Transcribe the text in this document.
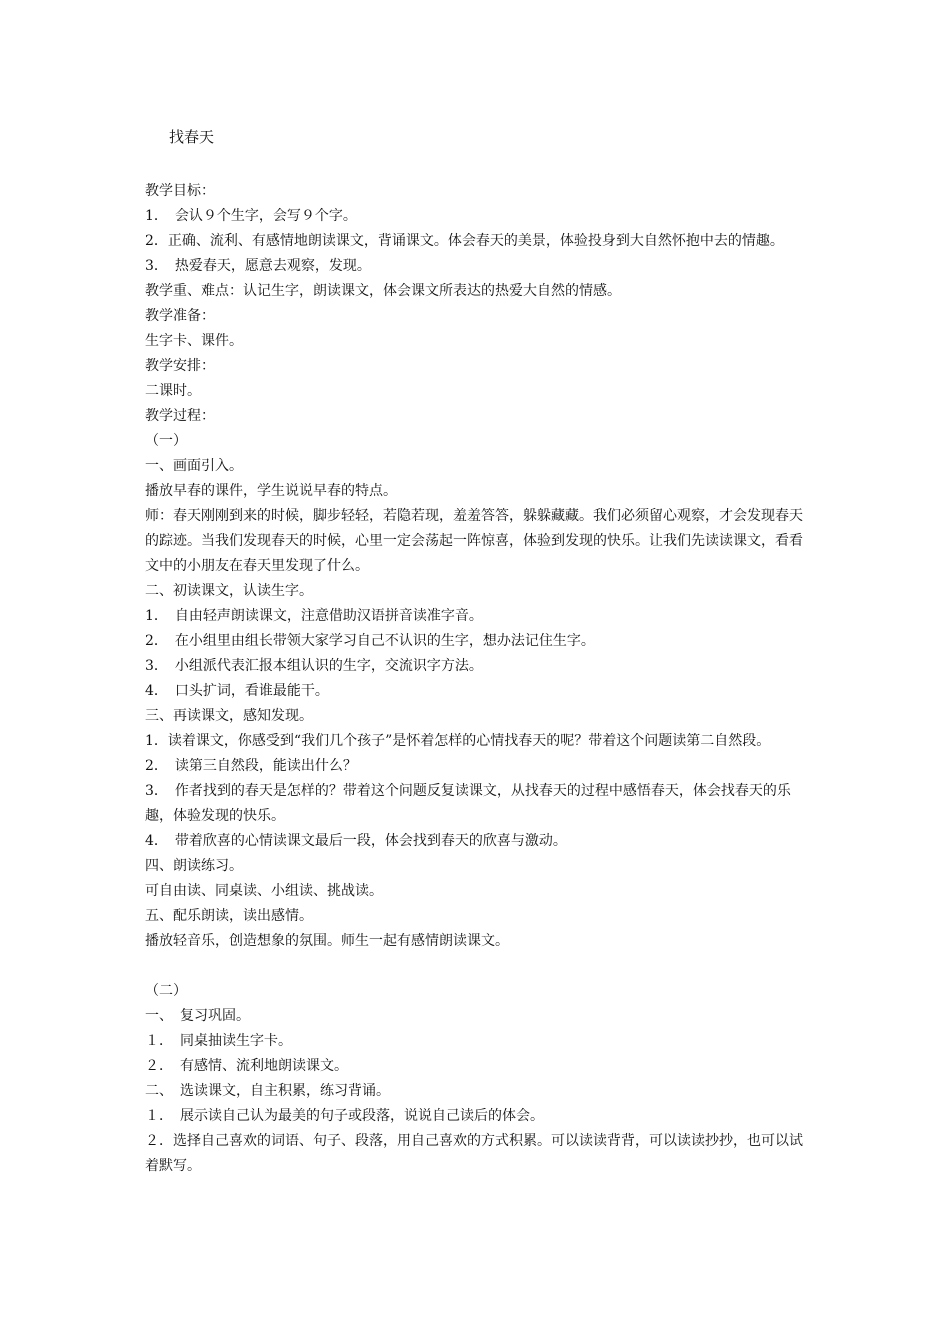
找春天

教学目标：

1．　会认９个生字，会写９个字。

2．正确、流利、有感情地朗读课文，背诵课文。体会春天的美景，体验投身到大自然怀抱中去的情趣。

3．　热爱春天，愿意去观察，发现。

教学重、难点：认记生字，朗读课文，体会课文所表达的热爱大自然的情感。

教学准备：

生字卡、课件。

教学安排：

二课时。

教学过程：

（一）

一、画面引入。

播放早春的课件，学生说说早春的特点。

师：春天刚刚到来的时候，脚步轻轻，若隐若现，羞羞答答，躲躲藏藏。我们必须留心观察，才会发现春天的踪迹。当我们发现春天的时候，心里一定会荡起一阵惊喜，体验到发现的快乐。让我们先读读课文，看看文中的小朋友在春天里发现了什么。

二、初读课文，认读生字。

1．　自由轻声朗读课文，注意借助汉语拼音读准字音。

2．　在小组里由组长带领大家学习自己不认识的生字，想办法记住生字。

3．　小组派代表汇报本组认识的生字，交流识字方法。

4．　口头扩词，看谁最能干。

三、再读课文，感知发现。

1．读着课文，你感受到“我们几个孩子”是怀着怎样的心情找春天的呢？带着这个问题读第二自然段。

2．　读第三自然段，能读出什么？

3．　作者找到的春天是怎样的？带着这个问题反复读课文，从找春天的过程中感悟春天，体会找春天的乐趣，体验发现的快乐。

4．　带着欣喜的心情读课文最后一段，体会找到春天的欣喜与激动。

四、朗读练习。

可自由读、同桌读、小组读、挑战读。

五、配乐朗读，读出感情。

播放轻音乐，创造想象的氛围。师生一起有感情朗读课文。

（二）

一、　复习巩固。

１．　同桌抽读生字卡。

２．　有感情、流利地朗读课文。

二、　选读课文，自主积累，练习背诵。

１．　展示读自己认为最美的句子或段落，说说自己读后的体会。

２．选择自己喜欢的词语、句子、段落，用自己喜欢的方式积累。可以读读背背，可以读读抄抄，也可以试着默写。
